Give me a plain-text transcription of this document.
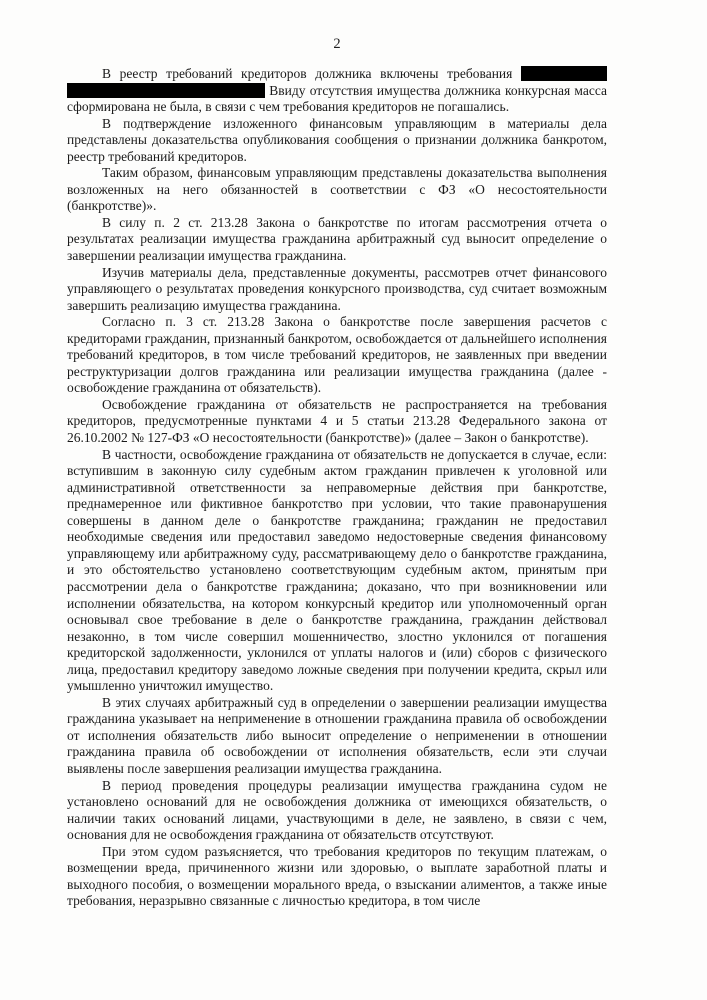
2

В реестр требований кредиторов должника включены требования   Ввиду отсутствия имущества должника конкурсная масса сформирована не была, в связи с чем требования кредиторов не погашались.

В подтверждение изложенного финансовым управляющим в материалы дела представлены доказательства опубликования сообщения о признании должника банкротом, реестр требований кредиторов.

Таким образом, финансовым управляющим представлены доказательства выполнения возложенных на него обязанностей в соответствии с ФЗ «О несостоятельности (банкротстве)».

В силу п. 2 ст. 213.28 Закона о банкротстве по итогам рассмотрения отчета о результатах реализации имущества гражданина арбитражный суд выносит определение о завершении реализации имущества гражданина.

Изучив материалы дела, представленные документы, рассмотрев отчет финансового управляющего о результатах проведения конкурсного производства, суд считает возможным завершить реализацию имущества гражданина.

Согласно п. 3 ст. 213.28 Закона о банкротстве после завершения расчетов с кредиторами гражданин, признанный банкротом, освобождается от дальнейшего исполнения требований кредиторов, в том числе требований кредиторов, не заявленных при введении реструктуризации долгов гражданина или реализации имущества гражданина (далее - освобождение гражданина от обязательств).

Освобождение гражданина от обязательств не распространяется на требования кредиторов, предусмотренные пунктами 4 и 5 статьи 213.28 Федерального закона от 26.10.2002 № 127-ФЗ «О несостоятельности (банкротстве)» (далее – Закон о банкротстве).

В частности, освобождение гражданина от обязательств не допускается в случае, если: вступившим в законную силу судебным актом гражданин привлечен к уголовной или административной ответственности за неправомерные действия при банкротстве, преднамеренное или фиктивное банкротство при условии, что такие правонарушения совершены в данном деле о банкротстве гражданина; гражданин не предоставил необходимые сведения или предоставил заведомо недостоверные сведения финансовому управляющему или арбитражному суду, рассматривающему дело о банкротстве гражданина, и это обстоятельство установлено соответствующим судебным актом, принятым при рассмотрении дела о банкротстве гражданина; доказано, что при возникновении или исполнении обязательства, на котором конкурсный кредитор или уполномоченный орган основывал свое требование в деле о банкротстве гражданина, гражданин действовал незаконно, в том числе совершил мошенничество, злостно уклонился от погашения кредиторской задолженности, уклонился от уплаты налогов и (или) сборов с физического лица, предоставил кредитору заведомо ложные сведения при получении кредита, скрыл или умышленно уничтожил имущество.

В этих случаях арбитражный суд в определении о завершении реализации имущества гражданина указывает на неприменение в отношении гражданина правила об освобождении от исполнения обязательств либо выносит определение о неприменении в отношении гражданина правила об освобождении от исполнения обязательств, если эти случаи выявлены после завершения реализации имущества гражданина.

В период проведения процедуры реализации имущества гражданина судом не установлено оснований для не освобождения должника от имеющихся обязательств, о наличии таких оснований лицами, участвующими в деле, не заявлено, в связи с чем, основания для не освобождения гражданина от обязательств отсутствуют.

При этом судом разъясняется, что требования кредиторов по текущим платежам, о возмещении вреда, причиненного жизни или здоровью, о выплате заработной платы и выходного пособия, о возмещении морального вреда, о взыскании алиментов, а также иные требования, неразрывно связанные с личностью кредитора, в том числе
